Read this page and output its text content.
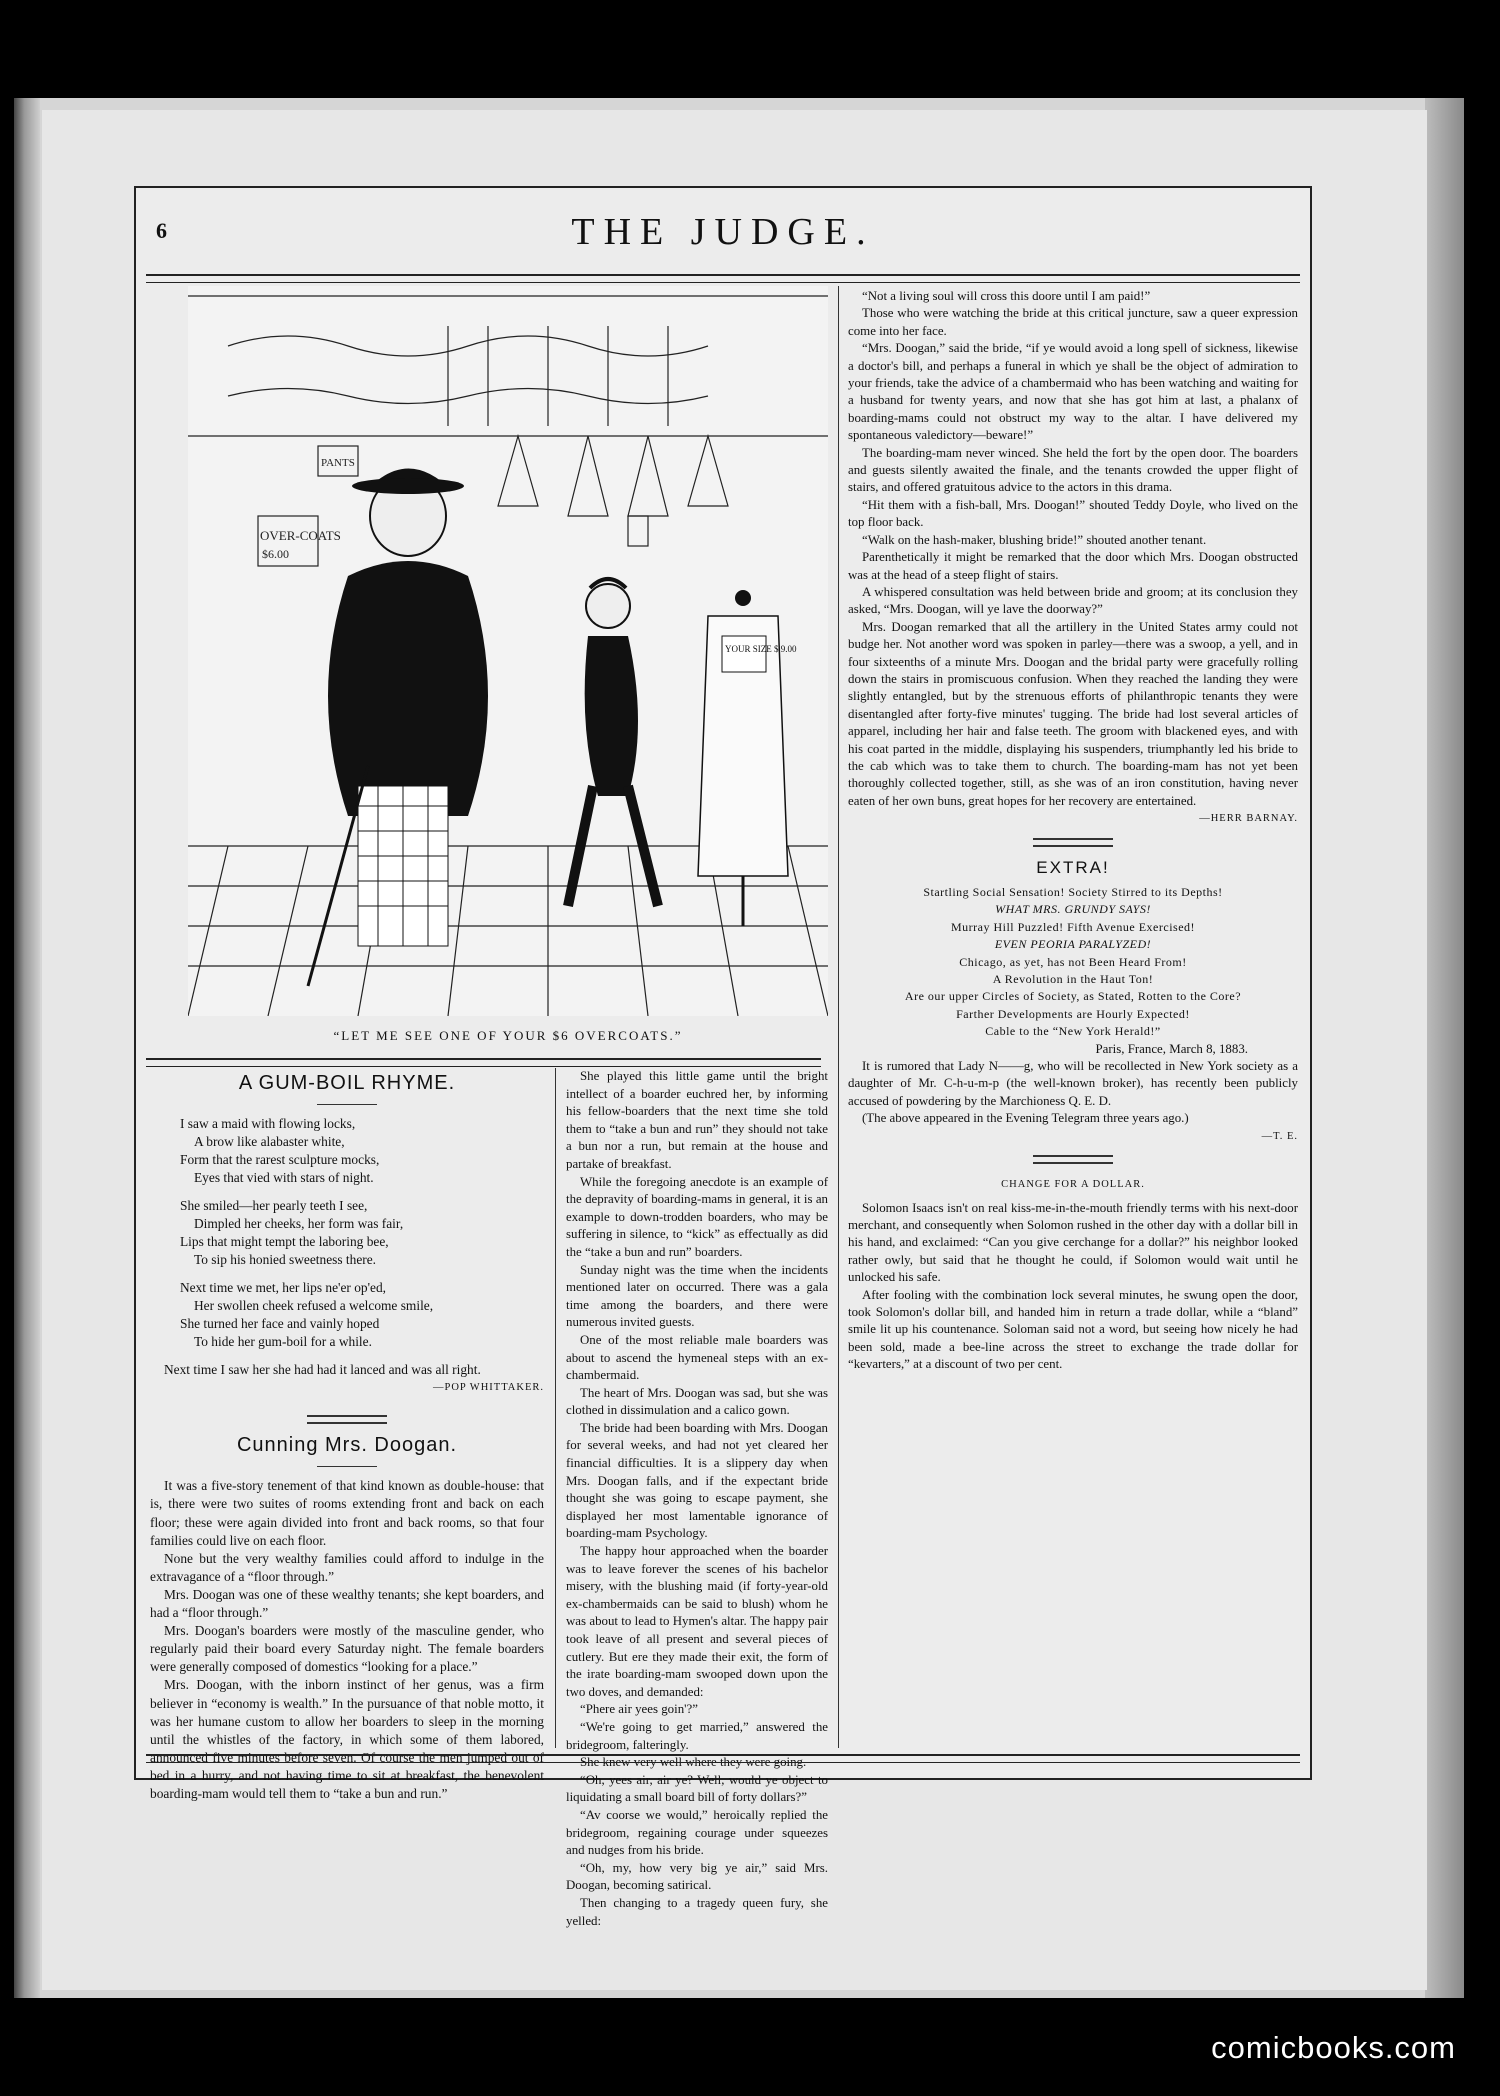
6	THE JUDGE.
OVER-COATS
$6.00
PANTS
YOUR SIZE $ 9.00
“LET ME SEE ONE OF YOUR $6 OVERCOATS.”
A GUM-BOIL RHYME.
I saw a maid with flowing locks,
A brow like alabaster white,
Form that the rarest sculpture mocks,
Eyes that vied with stars of night.
She smiled—her pearly teeth I see,
Dimpled her cheeks, her form was fair,
Lips that might tempt the laboring bee,
To sip his honied sweetness there.
Next time we met, her lips ne'er op'ed,
Her swollen cheek refused a welcome smile,
She turned her face and vainly hoped
To hide her gum-boil for a while.

Next time I saw her she had had it lanced and was all right.

—POP WHITTAKER.
Cunning Mrs. Doogan.

It was a five-story tenement of that kind known as double-house: that is, there were two suites of rooms extending front and back on each floor; these were again divided into front and back rooms, so that four families could live on each floor.

None but the very wealthy families could afford to indulge in the extravagance of a “floor through.”

Mrs. Doogan was one of these wealthy tenants; she kept boarders, and had a “floor through.”

Mrs. Doogan's boarders were mostly of the masculine gender, who regularly paid their board every Saturday night. The female boarders were generally composed of domestics “looking for a place.”

Mrs. Doogan, with the inborn instinct of her genus, was a firm believer in “economy is wealth.” In the pursuance of that noble motto, it was her humane custom to allow her boarders to sleep in the morning until the whistles of the factory, in which some of them labored, announced five minutes before seven. Of course the men jumped out of bed in a hurry, and not having time to sit at breakfast, the benevolent boarding-mam would tell them to “take a bun and run.”

She played this little game until the bright intellect of a boarder euchred her, by informing his fellow-boarders that the next time she told them to “take a bun and run” they should not take a bun nor a run, but remain at the house and partake of breakfast.

While the foregoing anecdote is an example of the depravity of boarding-mams in general, it is an example to down-trodden boarders, who may be suffering in silence, to “kick” as effectually as did the “take a bun and run” boarders.

Sunday night was the time when the incidents mentioned later on occurred. There was a gala time among the boarders, and there were numerous invited guests.

One of the most reliable male boarders was about to ascend the hymeneal steps with an ex-chambermaid.

The heart of Mrs. Doogan was sad, but she was clothed in dissimulation and a calico gown.

The bride had been boarding with Mrs. Doogan for several weeks, and had not yet cleared her financial difficulties. It is a slippery day when Mrs. Doogan falls, and if the expectant bride thought she was going to escape payment, she displayed her most lamentable ignorance of boarding-mam Psychology.

The happy hour approached when the boarder was to leave forever the scenes of his bachelor misery, with the blushing maid (if forty-year-old ex-chambermaids can be said to blush) whom he was about to lead to Hymen's altar. The happy pair took leave of all present and several pieces of cutlery. But ere they made their exit, the form of the irate boarding-mam swooped down upon the two doves, and demanded:

“Phere air yees goin'?”

“We're going to get married,” answered the bridegroom, falteringly.

She knew very well where they were going.

“Oh, yees air, air ye? Well, would ye object to liquidating a small board bill of forty dollars?”

“Av coorse we would,” heroically replied the bridegroom, regaining courage under squeezes and nudges from his bride.

“Oh, my, how very big ye air,” said Mrs. Doogan, becoming satirical.

Then changing to a tragedy queen fury, she yelled:

“Not a living soul will cross this doore until I am paid!”

Those who were watching the bride at this critical juncture, saw a queer expression come into her face.

“Mrs. Doogan,” said the bride, “if ye would avoid a long spell of sickness, likewise a doctor's bill, and perhaps a funeral in which ye shall be the object of admiration to your friends, take the advice of a chambermaid who has been watching and waiting for a husband for twenty years, and now that she has got him at last, a phalanx of boarding-mams could not obstruct my way to the altar. I have delivered my spontaneous valedictory—beware!”

The boarding-mam never winced. She held the fort by the open door. The boarders and guests silently awaited the finale, and the tenants crowded the upper flight of stairs, and offered gratuitous advice to the actors in this drama.

“Hit them with a fish-ball, Mrs. Doogan!” shouted Teddy Doyle, who lived on the top floor back.

“Walk on the hash-maker, blushing bride!” shouted another tenant.

Parenthetically it might be remarked that the door which Mrs. Doogan obstructed was at the head of a steep flight of stairs.

A whispered consultation was held between bride and groom; at its conclusion they asked, “Mrs. Doogan, will ye lave the doorway?”

Mrs. Doogan remarked that all the artillery in the United States army could not budge her. Not another word was spoken in parley—there was a swoop, a yell, and in four sixteenths of a minute Mrs. Doogan and the bridal party were gracefully rolling down the stairs in promiscuous confusion. When they reached the landing they were slightly entangled, but by the strenuous efforts of philanthropic tenants they were disentangled after forty-five minutes' tugging. The bride had lost several articles of apparel, including her hair and false teeth. The groom with blackened eyes, and with his coat parted in the middle, displaying his suspenders, triumphantly led his bride to the cab which was to take them to church. The boarding-mam has not yet been thoroughly collected together, still, as she was of an iron constitution, having never eaten of her own buns, great hopes for her recovery are entertained.

—HERR BARNAY.
EXTRA!

Startling Social Sensation! Society Stirred to its Depths!

WHAT MRS. GRUNDY SAYS!

Murray Hill Puzzled! Fifth Avenue Exercised!

EVEN PEORIA PARALYZED!

Chicago, as yet, has not Been Heard From!

A Revolution in the Haut Ton!

Are our upper Circles of Society, as Stated, Rotten to the Core?

Farther Developments are Hourly Expected!

Cable to the “New York Herald!”

Paris, France, March 8, 1883.

It is rumored that Lady N——g, who will be recollected in New York society as a daughter of Mr. C-h-u-m-p (the well-known broker), has recently been publicly accused of powdering by the Marchioness Q. E. D.

(The above appeared in the Evening Telegram three years ago.)

—T. E.
CHANGE FOR A DOLLAR.

Solomon Isaacs isn't on real kiss-me-in-the-mouth friendly terms with his next-door merchant, and consequently when Solomon rushed in the other day with a dollar bill in his hand, and exclaimed: “Can you give cerchange for a dollar?” his neighbor looked rather owly, but said that he thought he could, if Solomon would wait until he unlocked his safe.

After fooling with the combination lock several minutes, he swung open the door, took Solomon's dollar bill, and handed him in return a trade dollar, while a “bland” smile lit up his countenance. Soloman said not a word, but seeing how nicely he had been sold, made a bee-line across the street to exchange the trade dollar for “kevarters,” at a discount of two per cent.

comicbooks.com
